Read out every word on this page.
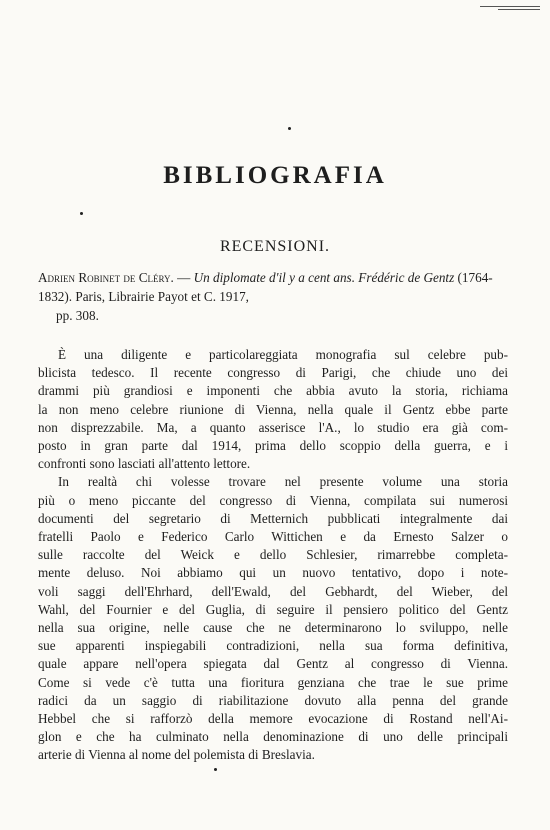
BIBLIOGRAFIA
RECENSIONI.

Adrien Robinet de Cléry. — Un diplomate d'il y a cent ans. Frédéric de Gentz (1764-1832). Paris, Librairie Payot et C. 1917,
pp. 308.

È una diligente e particolareggiata monografia sul celebre pub-
blicista tedesco. Il recente congresso di Parigi, che chiude uno dei
drammi più grandiosi e imponenti che abbia avuto la storia, richiama
la non meno celebre riunione di Vienna, nella quale il Gentz ebbe parte
non disprezzabile. Ma, a quanto asserisce l'A., lo studio era già com-
posto in gran parte dal 1914, prima dello scoppio della guerra, e i
confronti sono lasciati all'attento lettore.

In realtà chi volesse trovare nel presente volume una storia
più o meno piccante del congresso di Vienna, compilata sui numerosi
documenti del segretario di Metternich pubblicati integralmente dai
fratelli Paolo e Federico Carlo Wittichen e da Ernesto Salzer o
sulle raccolte del Weick e dello Schlesier, rimarrebbe completa-
mente deluso. Noi abbiamo qui un nuovo tentativo, dopo i note-
voli saggi dell'Ehrhard, dell'Ewald, del Gebhardt, del Wieber, del
Wahl, del Fournier e del Guglia, di seguire il pensiero politico del Gentz
nella sua origine, nelle cause che ne determinarono lo sviluppo, nelle
sue apparenti inspiegabili contradizioni, nella sua forma definitiva,
quale appare nell'opera spiegata dal Gentz al congresso di Vienna.
Come si vede c'è tutta una fioritura genziana che trae le sue prime
radici da un saggio di riabilitazione dovuto alla penna del grande
Hebbel che si rafforzò della memore evocazione di Rostand nell'Ai-
glon e che ha culminato nella denominazione di uno delle principali
arterie di Vienna al nome del polemista di Breslavia.
